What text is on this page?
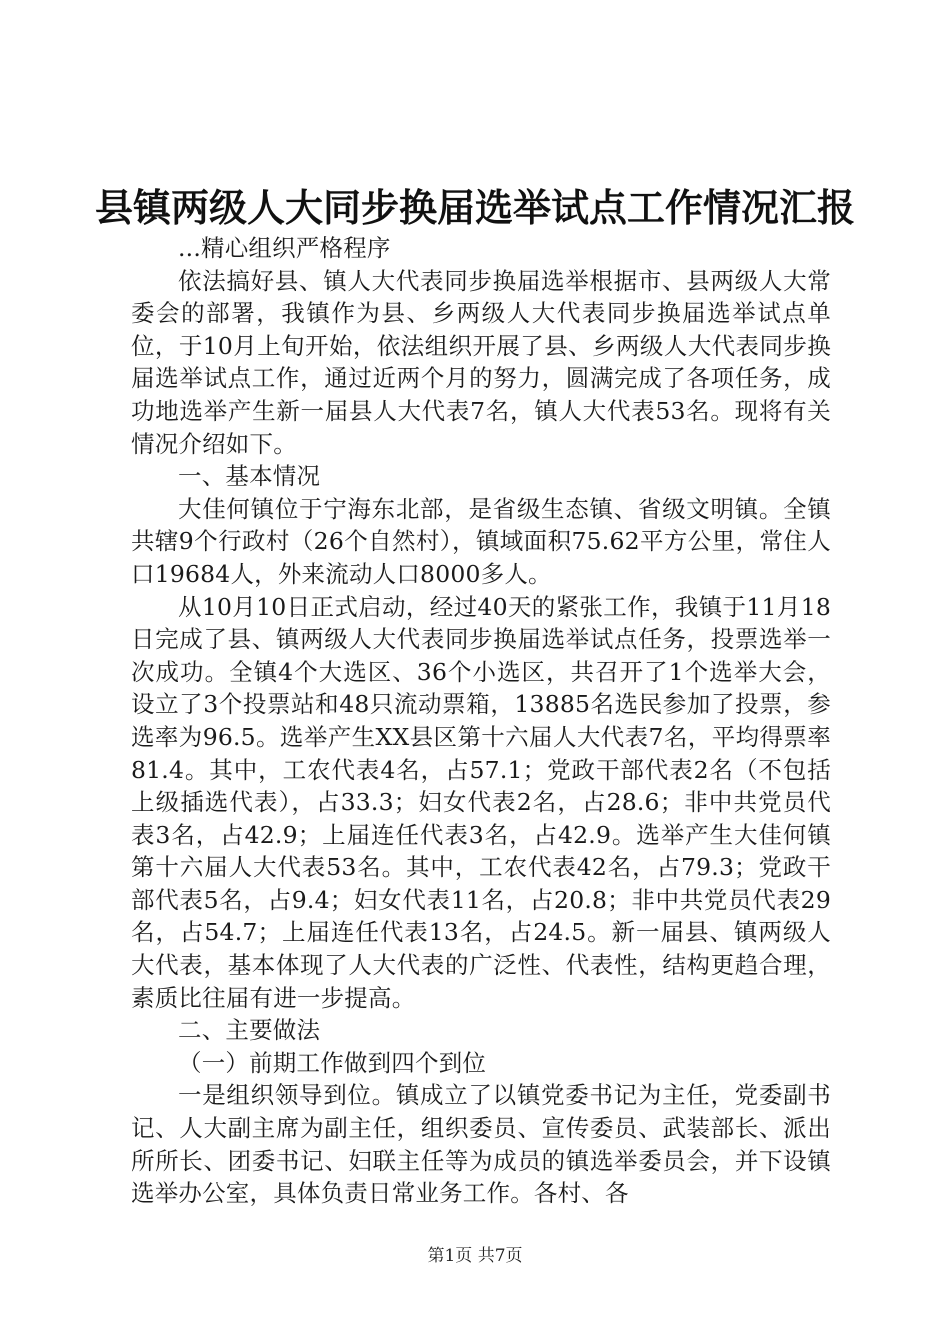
县镇两级人大同步换届选举试点工作情况汇报

...精心组织严格程序

依法搞好县、镇人大代表同步换届选举根据市、县两级人大常委会的部署，我镇作为县、乡两级人大代表同步换届选举试点单位，于10月上旬开始，依法组织开展了县、乡两级人大代表同步换届选举试点工作，通过近两个月的努力，圆满完成了各项任务，成功地选举产生新一届县人大代表7名，镇人大代表53名。现将有关情况介绍如下。

一、基本情况

大佳何镇位于宁海东北部，是省级生态镇、省级文明镇。全镇共辖9个行政村（26个自然村），镇域面积75.62平方公里，常住人口19684人，外来流动人口8000多人。

从10月10日正式启动，经过40天的紧张工作，我镇于11月18日完成了县、镇两级人大代表同步换届选举试点任务，投票选举一次成功。全镇4个大选区、36个小选区，共召开了1个选举大会，设立了3个投票站和48只流动票箱，13885名选民参加了投票，参选率为96.5。选举产生XX县区第十六届人大代表7名，平均得票率81.4。其中，工农代表4名，占57.1；党政干部代表2名（不包括上级插选代表），占33.3；妇女代表2名，占28.6；非中共党员代表3名，占42.9；上届连任代表3名，占42.9。选举产生大佳何镇第十六届人大代表53名。其中，工农代表42名，占79.3；党政干部代表5名，占9.4；妇女代表11名，占20.8；非中共党员代表29名，占54.7；上届连任代表13名，占24.5。新一届县、镇两级人大代表，基本体现了人大代表的广泛性、代表性，结构更趋合理，素质比往届有进一步提高。

二、主要做法

（一）前期工作做到四个到位

一是组织领导到位。镇成立了以镇党委书记为主任，党委副书记、人大副主席为副主任，组织委员、宣传委员、武装部长、派出所所长、团委书记、妇联主任等为成员的镇选举委员会，并下设镇选举办公室，具体负责日常业务工作。各村、各

第1页 共7页
